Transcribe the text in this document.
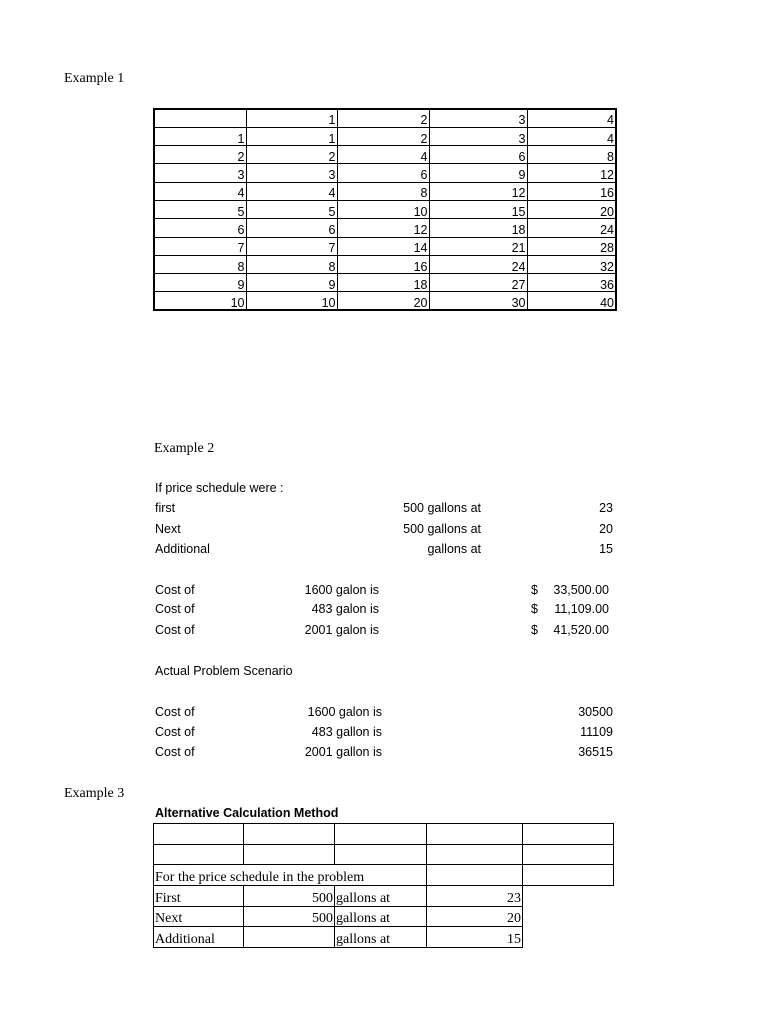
Example 1
	1	2	3	4
1	1	2	3	4
2	2	4	6	8
3	3	6	9	12
4	4	8	12	16
5	5	10	15	20
6	6	12	18	24
7	7	14	21	28
8	8	16	24	32
9	9	18	27	36
10	10	20	30	40
Example 2
If price schedule were :
first	500 gallons at	23
Next	500 gallons at	20
Additional	gallons at	15
Cost of	1600 galon is	$	33,500.00
Cost of	483 galon is	$	11,109.00
Cost of	2001 galon is	$	41,520.00
Actual Problem Scenario
Cost of	1600 galon is	30500
Cost of	483 gallon is	11109
Cost of	2001 gallon is	36515
Example 3
Alternative Calculation Method

For the price schedule in the problem				
First	500	gallons at	23	
Next	500	gallons at	20	
Additional		gallons at	15	
